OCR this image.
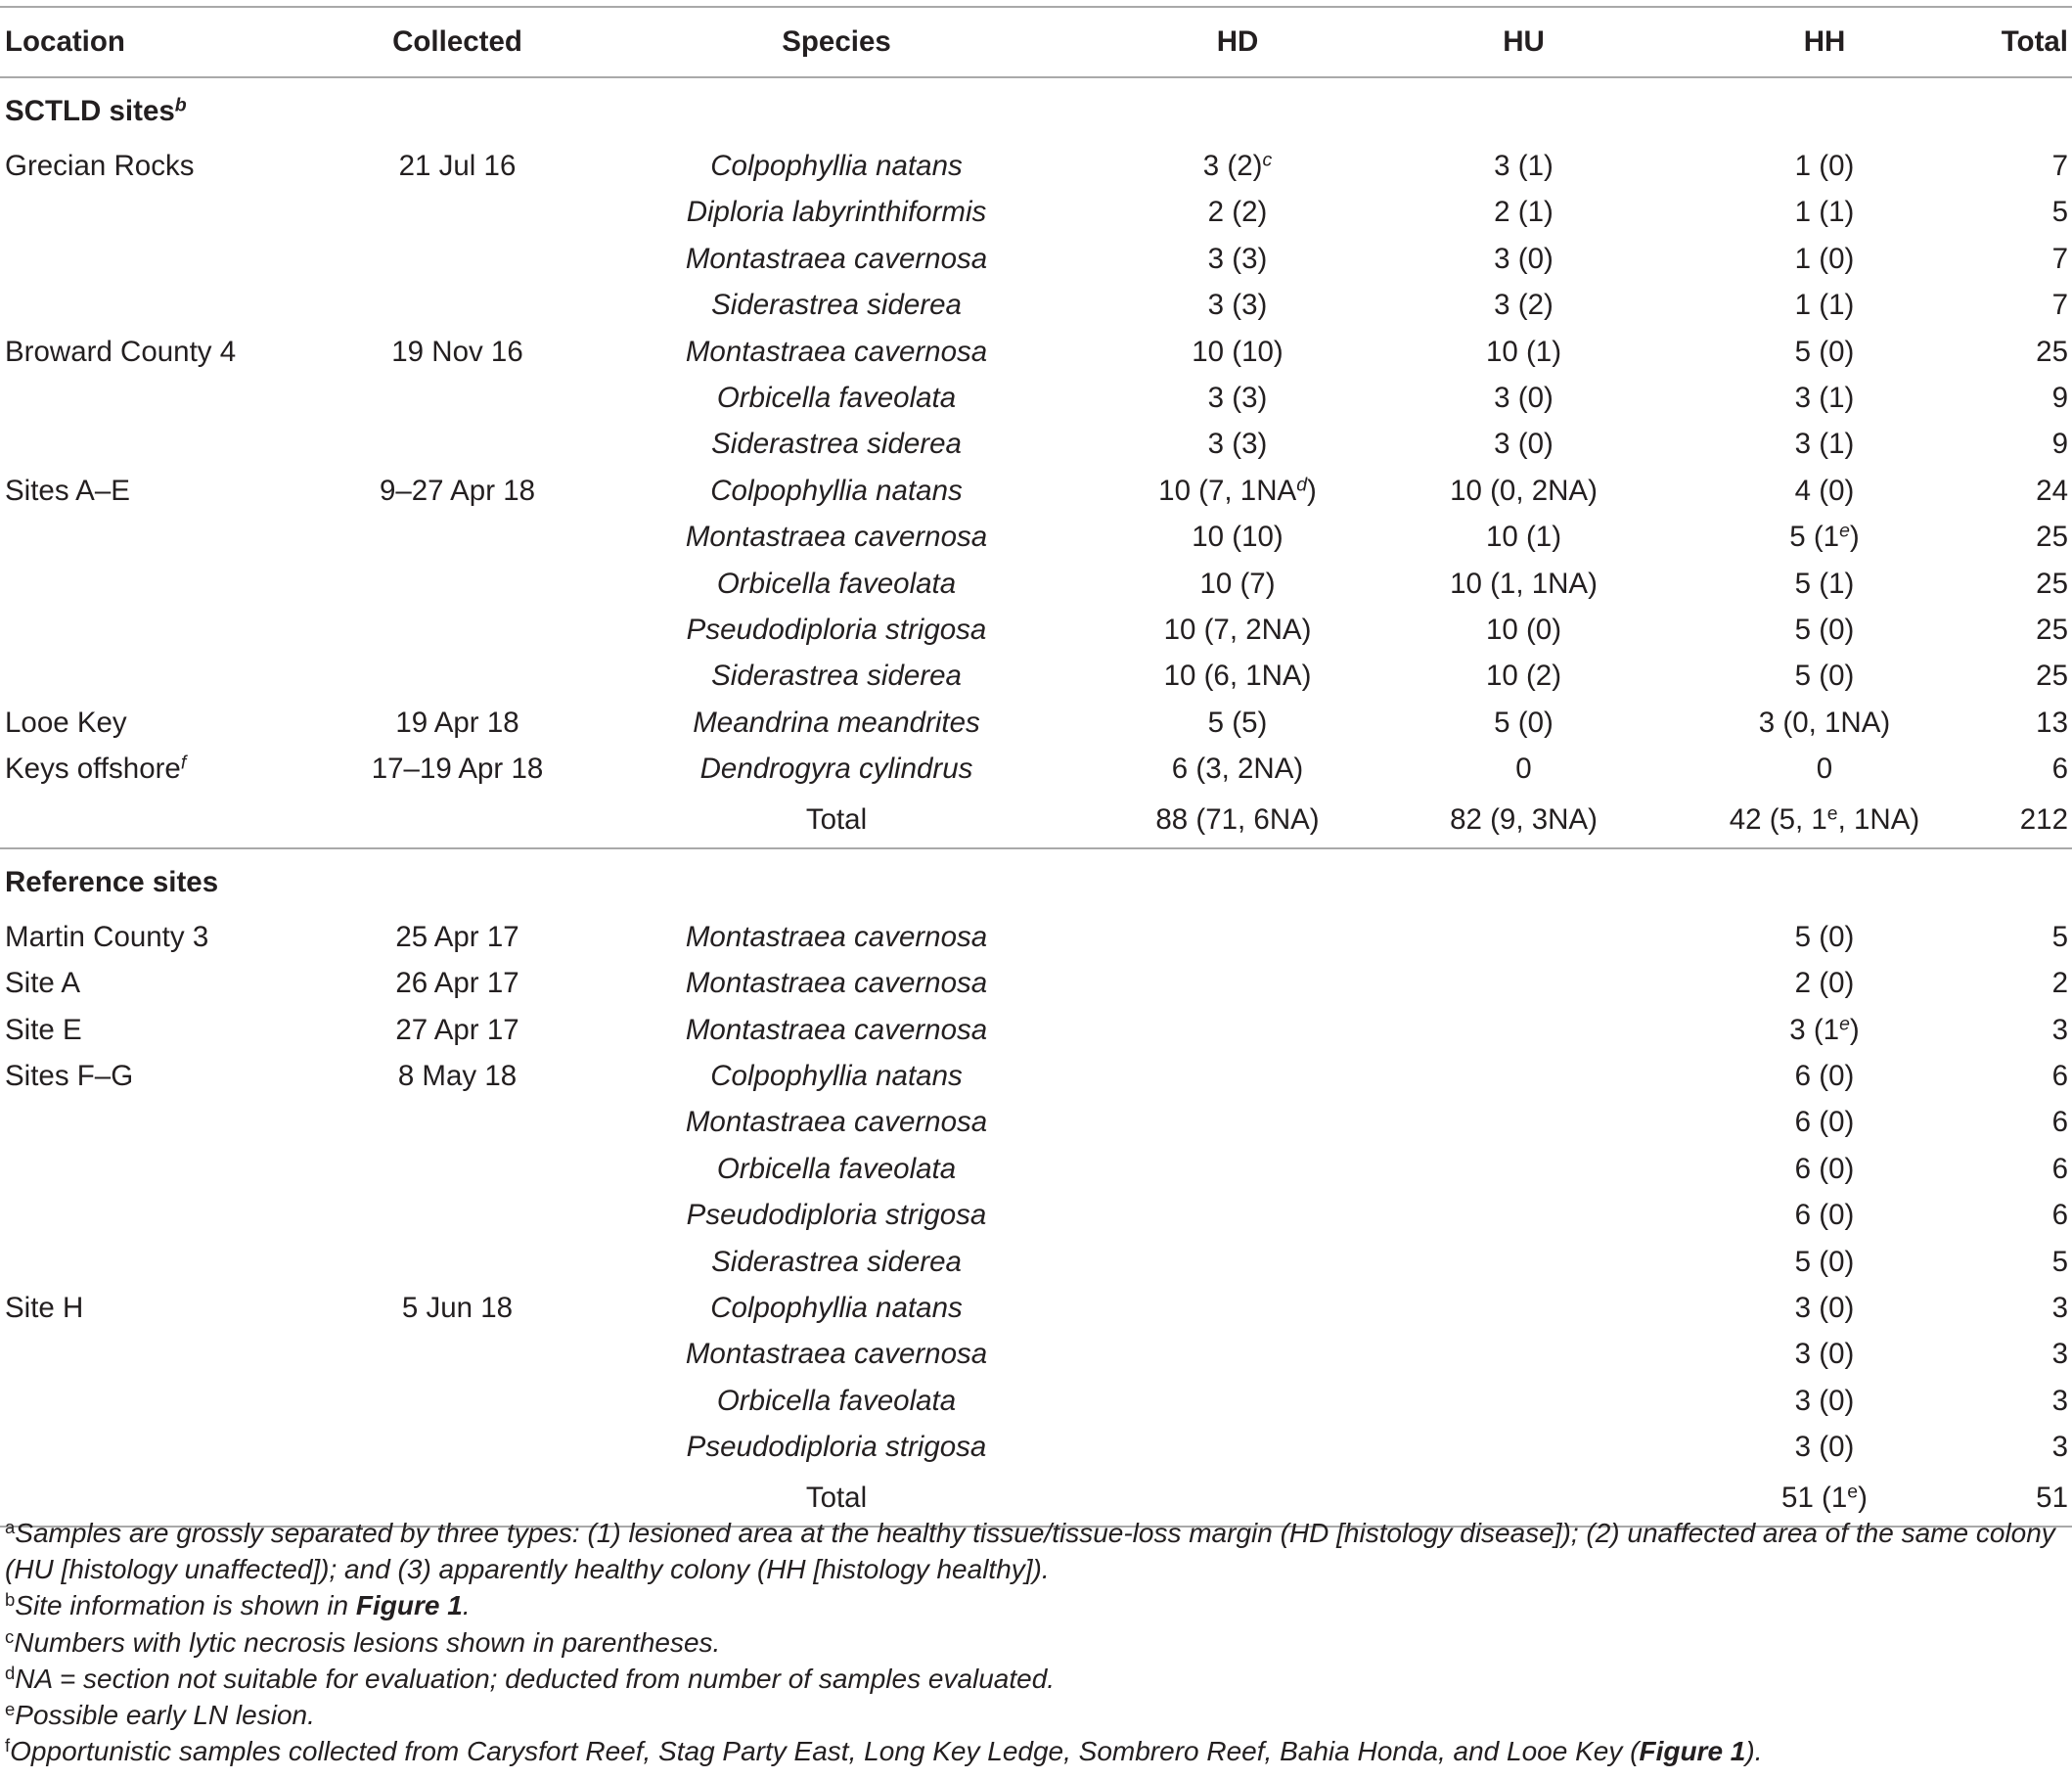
Location	Collected	Species	HD	HU	HH	Total
SCTLD sites$^b$
Grecian Rocks	21 Jul 16	Colpophyllia natans	3 $(2)^c$	3 (1)	1 (0)	7
		Diploria labyrinthiformis	2 (2)	2 (1)	1 (1)	5
		Montastraea cavernosa	3 (3)	3 (0)	1 (0)	7
		Siderastrea siderea	3 (3)	3 (2)	1 (1)	7
Broward County 4	19 Nov 16	Montastraea cavernosa	10 (10)	10 (1)	5 (0)	25
		Orbicella faveolata	3 (3)	3 (0)	3 (1)	9
		Siderastrea siderea	3 (3)	3 (0)	3 (1)	9
Sites A–E	9–27 Apr 18	Colpophyllia natans	10 (7, $1NA^d$)	10 (0, 2NA)	4 (0)	24
		Montastraea cavernosa	10 (10)	10 (1)	5 (1e)	25
		Orbicella faveolata	10 (7)	10 (1, 1NA)	5 (1)	25
		Pseudodiploria strigosa	10 (7, 2NA)	10 (0)	5 (0)	25
		Siderastrea siderea	10 (6, 1NA)	10 (2)	5 (0)	25
Looe Key	19 Apr 18	Meandrina meandrites	5 (5)	5 (0)	3 (0, 1NA)	13
Keys offshore$^f$	17–19 Apr 18	Dendrogyra cylindrus	6 (3, 2NA)	0	0	6
		Total	88 (71, 6NA)	82 (9, 3NA)	42 (5, 1e, 1NA)	212
Reference sites						
Martin County 3	25 Apr 17	Montastraea cavernosa			5 (0)	5
Site A	26 Apr 17	Montastraea cavernosa			2 (0)	2
Site E	27 Apr 17	Montastraea cavernosa			3 (1e)	3
Sites F–G	8 May 18	Colpophyllia natans			6 (0)	6
		Montastraea cavernosa			6 (0)	6
		Orbicella faveolata			6 (0)	6
		Pseudodiploria strigosa			6 (0)	6
		Siderastrea siderea			5 (0)	5
Site H	5 Jun 18	Colpophyllia natans			3 (0)	3
		Montastraea cavernosa			3 (0)	3
		Orbicella faveolata			3 (0)	3
		Pseudodiploria strigosa			3 (0)	3
		Total			51 (1e)	51

$^a$Samples are grossly separated by three types: (1) lesioned area at the healthy tissue/tissue-loss margin (HD [histology disease]); (2) unaffected area of the same colony (HU [histology unaffected]); and (3) apparently healthy colony (HH [histology healthy]).

$^b$Site information is shown in Figure 1.

$^c$Numbers with lytic necrosis lesions shown in parentheses.

$^d$NA = section not suitable for evaluation; deducted from number of samples evaluated.

$^e$Possible early LN lesion.

$^f$Opportunistic samples collected from Carysfort Reef, Stag Party East, Long Key Ledge, Sombrero Reef, Bahia Honda, and Looe Key (Figure 1).
